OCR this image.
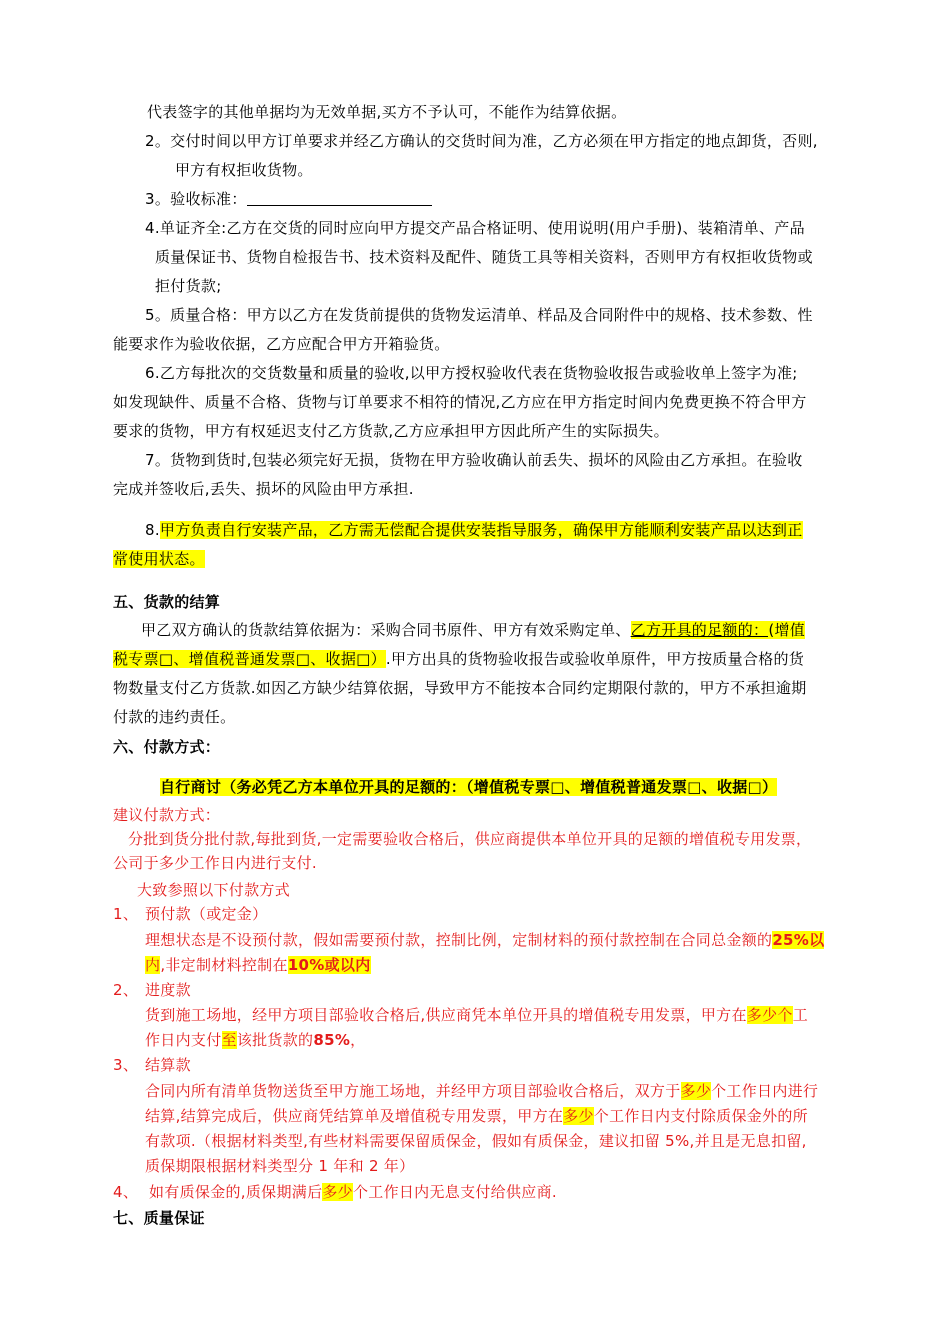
代表签字的其他单据均为无效单据,买方不予认可，不能作为结算依据。
2。交付时间以甲方订单要求并经乙方确认的交货时间为准，乙方必须在甲方指定的地点卸货，否则,
甲方有权拒收货物。
3。验收标准：
4.单证齐全:乙方在交货的同时应向甲方提交产品合格证明、使用说明(用户手册)、装箱清单、产品
质量保证书、货物自检报告书、技术资料及配件、随货工具等相关资料，否则甲方有权拒收货物或
拒付货款;
5。质量合格：甲方以乙方在发货前提供的货物发运清单、样品及合同附件中的规格、技术参数、性
能要求作为验收依据，乙方应配合甲方开箱验货。
6.乙方每批次的交货数量和质量的验收,以甲方授权验收代表在货物验收报告或验收单上签字为准;
如发现缺件、质量不合格、货物与订单要求不相符的情况,乙方应在甲方指定时间内免费更换不符合甲方
要求的货物，甲方有权延迟支付乙方货款,乙方应承担甲方因此所产生的实际损失。
7。货物到货时,包装必须完好无损，货物在甲方验收确认前丢失、损坏的风险由乙方承担。在验收
完成并签收后,丢失、损坏的风险由甲方承担.
8.甲方负责自行安装产品，乙方需无偿配合提供安装指导服务，确保甲方能顺利安装产品以达到正
常使用状态。
五、货款的结算
甲乙双方确认的货款结算依据为：采购合同书原件、甲方有效采购定单、乙方开具的足额的：(增值
税专票□、增值税普通发票□、收据□）.甲方出具的货物验收报告或验收单原件，甲方按质量合格的货
物数量支付乙方货款.如因乙方缺少结算依据，导致甲方不能按本合同约定期限付款的，甲方不承担逾期
付款的违约责任。
六、付款方式：
自行商讨（务必凭乙方本单位开具的足额的：（增值税专票□、增值税普通发票□、收据□）
建议付款方式：
分批到货分批付款,每批到货,一定需要验收合格后，供应商提供本单位开具的足额的增值税专用发票，
公司于多少工作日内进行支付.
大致参照以下付款方式
1、 预付款（或定金）
理想状态是不设预付款，假如需要预付款，控制比例，定制材料的预付款控制在合同总金额的25%以
内,非定制材料控制在10%或以内
2、 进度款
货到施工场地，经甲方项目部验收合格后,供应商凭本单位开具的增值税专用发票，甲方在多少个工
作日内支付至该批货款的85%，
3、 结算款
合同内所有清单货物送货至甲方施工场地，并经甲方项目部验收合格后，双方于多少个工作日内进行
结算,结算完成后，供应商凭结算单及增值税专用发票，甲方在多少个工作日内支付除质保金外的所
有款项.（根据材料类型,有些材料需要保留质保金，假如有质保金，建议扣留 5%,并且是无息扣留,
质保期限根据材料类型分 1 年和 2 年）
4、 如有质保金的,质保期满后多少个工作日内无息支付给供应商.
七、质量保证
